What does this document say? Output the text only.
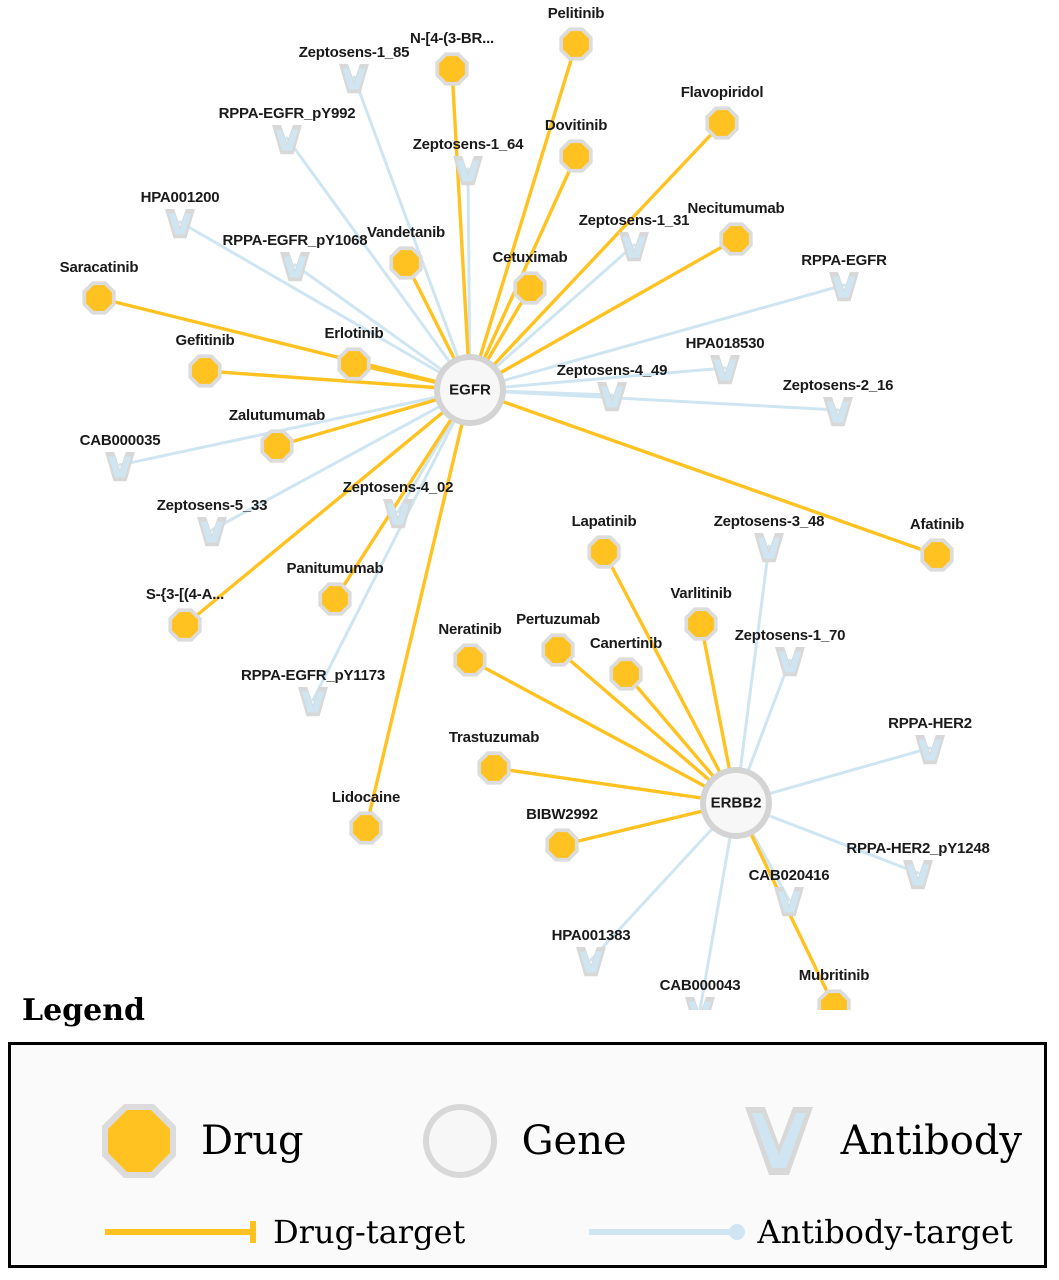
Zeptosens-1_85
RPPA-EGFR_pY992
Zeptosens-1_64
HPA001200
Zeptosens-1_31
RPPA-EGFR_pY1068
RPPA-EGFR
HPA018530
Zeptosens-4_49
Zeptosens-2_16
CAB000035
Zeptosens-5_33
Zeptosens-4_02
Zeptosens-3_48
Zeptosens-1_70
RPPA-EGFR_pY1173
RPPA-HER2
RPPA-HER2_pY1248
CAB020416
HPA001383
CAB000043
Pelitinib
N-[4-(3-BR...
Flavopiridol
Dovitinib
Necitumumab
Vandetanib
Cetuximab
Saracatinib
Gefitinib	Erlotinib
Zalutumumab
Afatinib
Lapatinib
Varlitinib
Panitumumab
S-{3-[(4-A...
Pertuzumab
Neratinib
Canertinib
Trastuzumab
Lidocaine
BIBW2992
Mubritinib
EGFR
ERBB2
Legend
Drug	Gene	Antibody
Drug-target	Antibody-target
